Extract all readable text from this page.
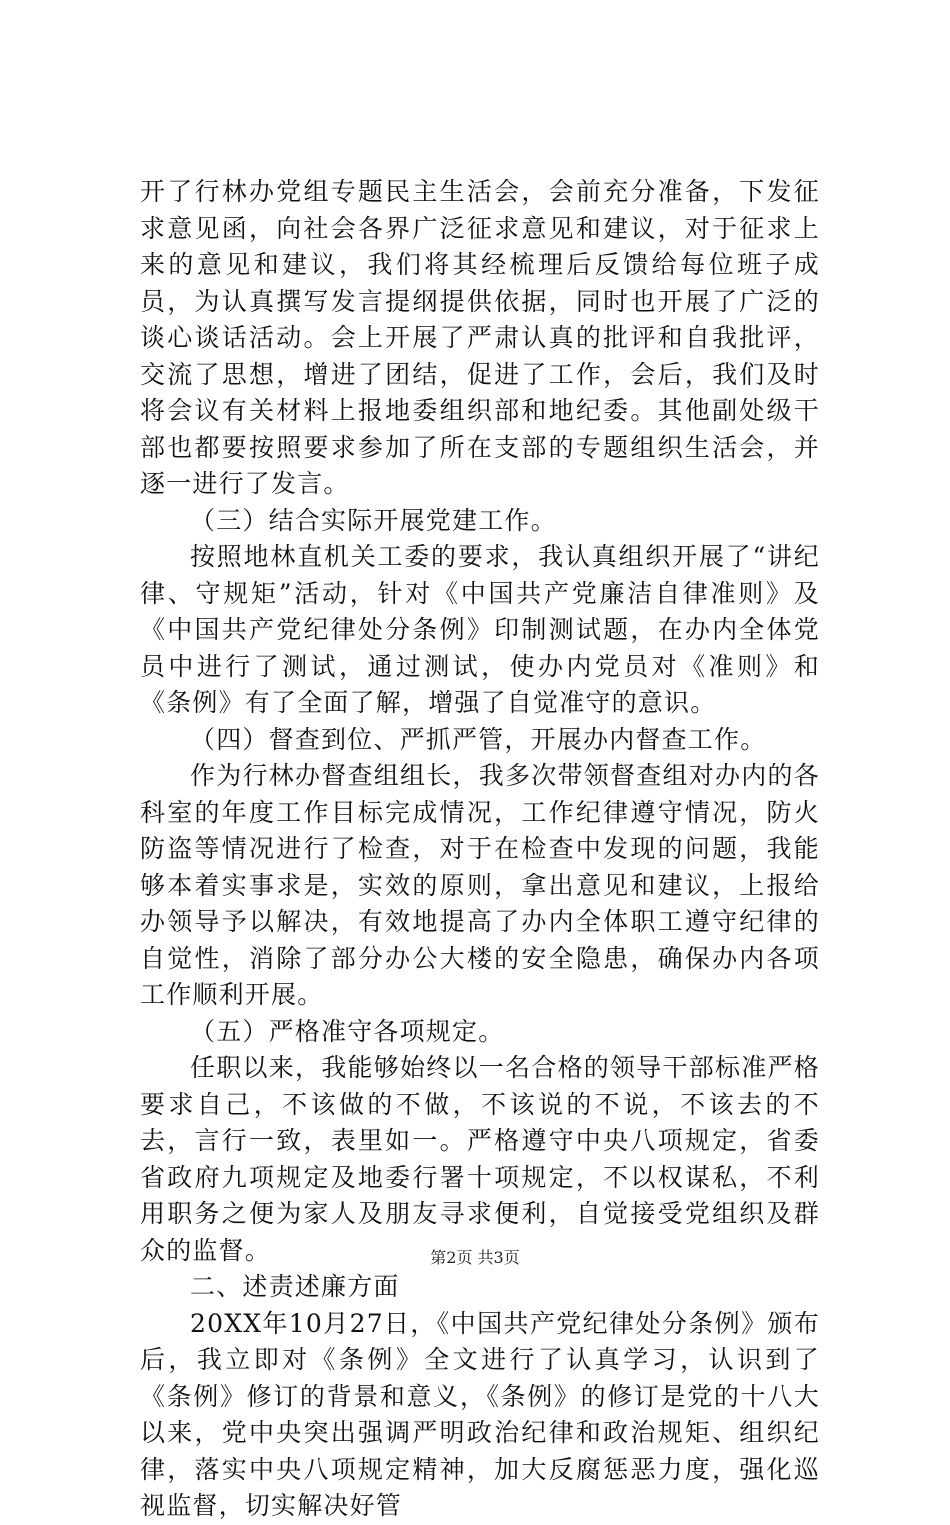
开了行林办党组专题民主生活会，会前充分准备，下发征求意见函，向社会各界广泛征求意见和建议，对于征求上来的意见和建议，我们将其经梳理后反馈给每位班子成员，为认真撰写发言提纲提供依据，同时也开展了广泛的谈心谈话活动。会上开展了严肃认真的批评和自我批评，交流了思想，增进了团结，促进了工作，会后，我们及时将会议有关材料上报地委组织部和地纪委。其他副处级干部也都要按照要求参加了所在支部的专题组织生活会，并逐一进行了发言。

（三）结合实际开展党建工作。

按照地林直机关工委的要求，我认真组织开展了“讲纪律、守规矩”活动，针对《中国共产党廉洁自律准则》及《中国共产党纪律处分条例》印制测试题，在办内全体党员中进行了测试，通过测试，使办内党员对《准则》和《条例》有了全面了解，增强了自觉准守的意识。

（四）督查到位、严抓严管，开展办内督查工作。

作为行林办督查组组长，我多次带领督查组对办内的各科室的年度工作目标完成情况，工作纪律遵守情况，防火防盗等情况进行了检查，对于在检查中发现的问题，我能够本着实事求是，实效的原则，拿出意见和建议，上报给办领导予以解决，有效地提高了办内全体职工遵守纪律的自觉性，消除了部分办公大楼的安全隐患，确保办内各项工作顺利开展。

（五）严格准守各项规定。

任职以来，我能够始终以一名合格的领导干部标准严格要求自己，不该做的不做，不该说的不说，不该去的不去，言行一致，表里如一。严格遵守中央八项规定，省委省政府九项规定及地委行署十项规定，不以权谋私，不利用职务之便为家人及朋友寻求便利，自觉接受党组织及群众的监督。

二、述责述廉方面

20XX年10月27日，《中国共产党纪律处分条例》颁布后，我立即对《条例》全文进行了认真学习，认识到了《条例》修订的背景和意义，《条例》的修订是党的十八大以来，党中央突出强调严明政治纪律和政治规矩、组织纪律，落实中央八项规定精神，加大反腐惩恶力度，强化巡视监督，切实解决好管

第2页 共3页
